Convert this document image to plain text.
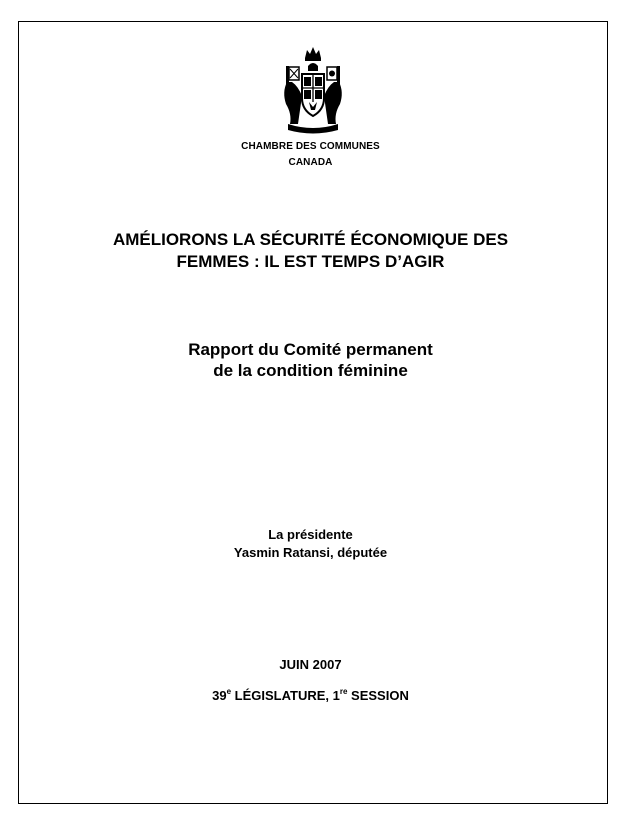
CHAMBRE DES COMMUNES
CANADA
AMÉLIORONS LA SÉCURITÉ ÉCONOMIQUE DES
FEMMES : IL EST TEMPS D’AGIR
Rapport du Comité permanent
de la condition féminine
La présidente
Yasmin Ratansi, députée
JUIN 2007
39e LÉGISLATURE, 1re SESSION
